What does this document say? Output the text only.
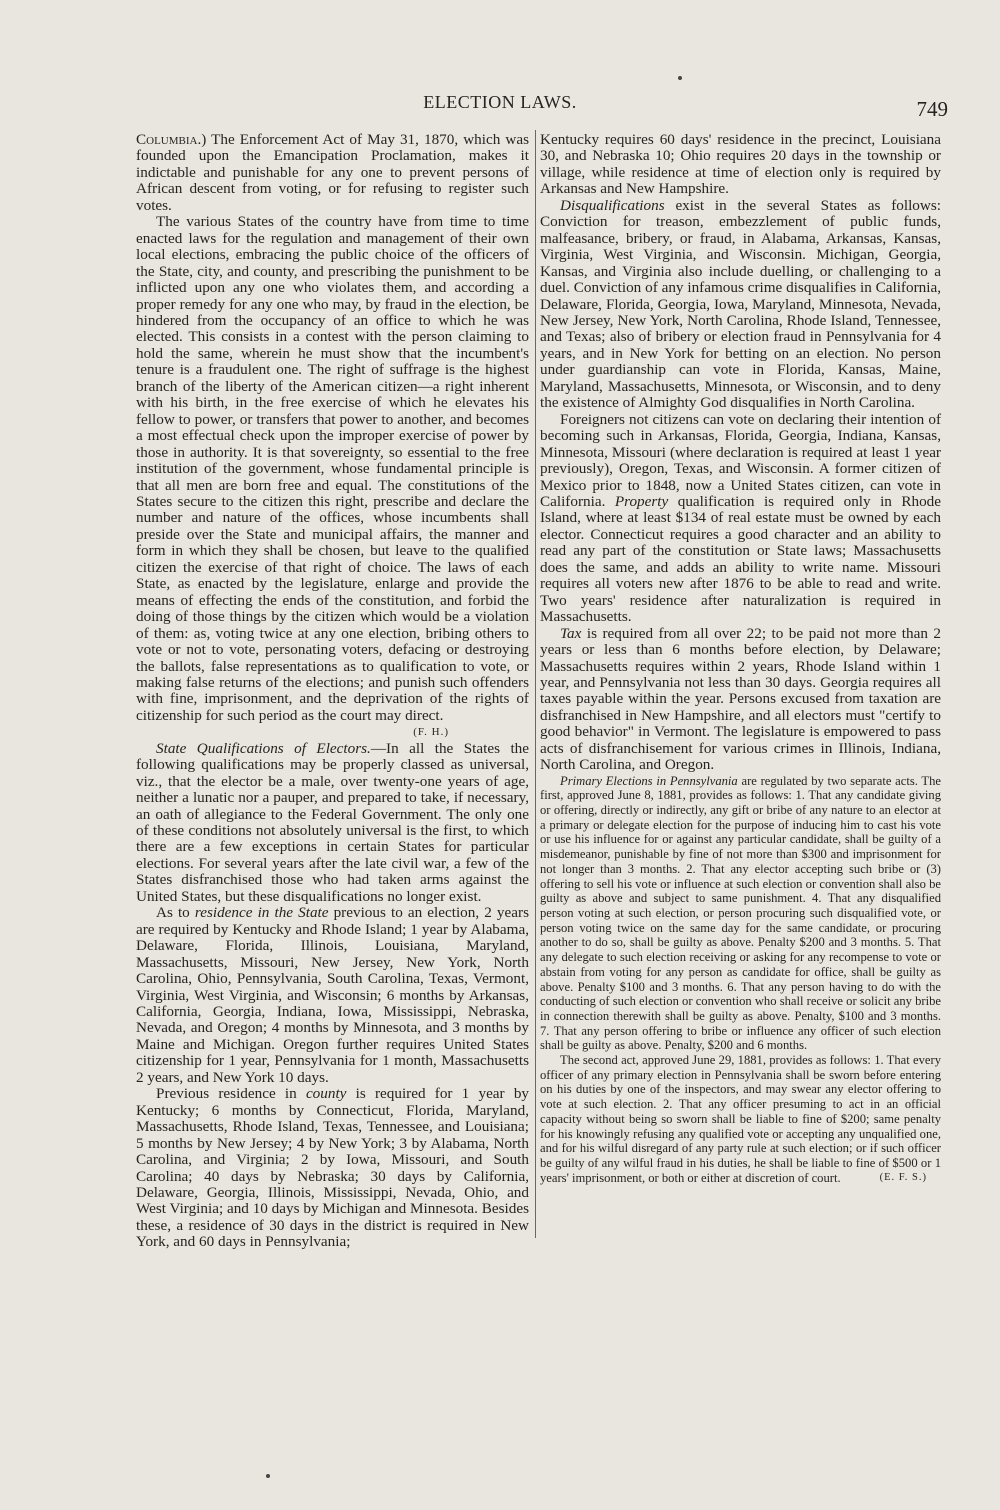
ELECTION LAWS.	749

Columbia.) The Enforcement Act of May 31, 1870, which was founded upon the Emancipation Proclamation, makes it indictable and punishable for any one to prevent persons of African descent from voting, or for refusing to register such votes.

The various States of the country have from time to time enacted laws for the regulation and management of their own local elections, embracing the public choice of the officers of the State, city, and county, and prescribing the punishment to be inflicted upon any one who violates them, and according a proper remedy for any one who may, by fraud in the election, be hindered from the occupancy of an office to which he was elected. This consists in a contest with the person claiming to hold the same, wherein he must show that the incumbent's tenure is a fraudulent one. The right of suffrage is the highest branch of the liberty of the American citizen—a right inherent with his birth, in the free exercise of which he elevates his fellow to power, or transfers that power to another, and becomes a most effectual check upon the improper exercise of power by those in authority. It is that sovereignty, so essential to the free institution of the government, whose fundamental principle is that all men are born free and equal. The constitutions of the States secure to the citizen this right, prescribe and declare the number and nature of the offices, whose incumbents shall preside over the State and municipal affairs, the manner and form in which they shall be chosen, but leave to the qualified citizen the exercise of that right of choice. The laws of each State, as enacted by the legislature, enlarge and provide the means of effecting the ends of the constitution, and forbid the doing of those things by the citizen which would be a violation of them: as, voting twice at any one election, bribing others to vote or not to vote, personating voters, defacing or destroying the ballots, false representations as to qualification to vote, or making false returns of the elections; and punish such offenders with fine, imprisonment, and the deprivation of the rights of citizenship for such period as the court may direct.

(F. H.)

State Qualifications of Electors.—In all the States the following qualifications may be properly classed as universal, viz., that the elector be a male, over twenty-one years of age, neither a lunatic nor a pauper, and prepared to take, if necessary, an oath of allegiance to the Federal Government. The only one of these conditions not absolutely universal is the first, to which there are a few exceptions in certain States for particular elections. For several years after the late civil war, a few of the States disfranchised those who had taken arms against the United States, but these disqualifications no longer exist.

As to residence in the State previous to an election, 2 years are required by Kentucky and Rhode Island; 1 year by Alabama, Delaware, Florida, Illinois, Louisiana, Maryland, Massachusetts, Missouri, New Jersey, New York, North Carolina, Ohio, Pennsylvania, South Carolina, Texas, Vermont, Virginia, West Virginia, and Wisconsin; 6 months by Arkansas, California, Georgia, Indiana, Iowa, Mississippi, Nebraska, Nevada, and Oregon; 4 months by Minnesota, and 3 months by Maine and Michigan. Oregon further requires United States citizenship for 1 year, Pennsylvania for 1 month, Massachusetts 2 years, and New York 10 days.

Previous residence in county is required for 1 year by Kentucky; 6 months by Connecticut, Florida, Maryland, Massachusetts, Rhode Island, Texas, Tennessee, and Louisiana; 5 months by New Jersey; 4 by New York; 3 by Alabama, North Carolina, and Virginia; 2 by Iowa, Missouri, and South Carolina; 40 days by Nebraska; 30 days by California, Delaware, Georgia, Illinois, Mississippi, Nevada, Ohio, and West Virginia; and 10 days by Michigan and Minnesota. Besides these, a residence of 30 days in the district is required in New York, and 60 days in Pennsylvania;

Kentucky requires 60 days' residence in the precinct, Louisiana 30, and Nebraska 10; Ohio requires 20 days in the township or village, while residence at time of election only is required by Arkansas and New Hampshire.

Disqualifications exist in the several States as follows: Conviction for treason, embezzlement of public funds, malfeasance, bribery, or fraud, in Alabama, Arkansas, Kansas, Virginia, West Virginia, and Wisconsin. Michigan, Georgia, Kansas, and Virginia also include duelling, or challenging to a duel. Conviction of any infamous crime disqualifies in California, Delaware, Florida, Georgia, Iowa, Maryland, Minnesota, Nevada, New Jersey, New York, North Carolina, Rhode Island, Tennessee, and Texas; also of bribery or election fraud in Pennsylvania for 4 years, and in New York for betting on an election. No person under guardianship can vote in Florida, Kansas, Maine, Maryland, Massachusetts, Minnesota, or Wisconsin, and to deny the existence of Almighty God disqualifies in North Carolina.

Foreigners not citizens can vote on declaring their intention of becoming such in Arkansas, Florida, Georgia, Indiana, Kansas, Minnesota, Missouri (where declaration is required at least 1 year previously), Oregon, Texas, and Wisconsin. A former citizen of Mexico prior to 1848, now a United States citizen, can vote in California. Property qualification is required only in Rhode Island, where at least $134 of real estate must be owned by each elector. Connecticut requires a good character and an ability to read any part of the constitution or State laws; Massachusetts does the same, and adds an ability to write name. Missouri requires all voters new after 1876 to be able to read and write. Two years' residence after naturalization is required in Massachusetts.

Tax is required from all over 22; to be paid not more than 2 years or less than 6 months before election, by Delaware; Massachusetts requires within 2 years, Rhode Island within 1 year, and Pennsylvania not less than 30 days. Georgia requires all taxes payable within the year. Persons excused from taxation are disfranchised in New Hampshire, and all electors must "certify to good behavior" in Vermont. The legislature is empowered to pass acts of disfranchisement for various crimes in Illinois, Indiana, North Carolina, and Oregon.

Primary Elections in Pennsylvania are regulated by two separate acts. The first, approved June 8, 1881, provides as follows: 1. That any candidate giving or offering, directly or indirectly, any gift or bribe of any nature to an elector at a primary or delegate election for the purpose of inducing him to cast his vote or use his influence for or against any particular candidate, shall be guilty of a misdemeanor, punishable by fine of not more than $300 and imprisonment for not longer than 3 months. 2. That any elector accepting such bribe or (3) offering to sell his vote or influence at such election or convention shall also be guilty as above and subject to same punishment. 4. That any disqualified person voting at such election, or person procuring such disqualified vote, or person voting twice on the same day for the same candidate, or procuring another to do so, shall be guilty as above. Penalty $200 and 3 months. 5. That any delegate to such election receiving or asking for any recompense to vote or abstain from voting for any person as candidate for office, shall be guilty as above. Penalty $100 and 3 months. 6. That any person having to do with the conducting of such election or convention who shall receive or solicit any bribe in connection therewith shall be guilty as above. Penalty, $100 and 3 months. 7. That any person offering to bribe or influence any officer of such election shall be guilty as above. Penalty, $200 and 6 months.

The second act, approved June 29, 1881, provides as follows: 1. That every officer of any primary election in Pennsylvania shall be sworn before entering on his duties by one of the inspectors, and may swear any elector offering to vote at such election. 2. That any officer presuming to act in an official capacity without being so sworn shall be liable to fine of $200; same penalty for his knowingly refusing any qualified vote or accepting any unqualified one, and for his wilful disregard of any party rule at such election; or if such officer be guilty of any wilful fraud in his duties, he shall be liable to fine of $500 or 1 years' imprisonment, or both or either at discretion of court.	(E. F. S.)
